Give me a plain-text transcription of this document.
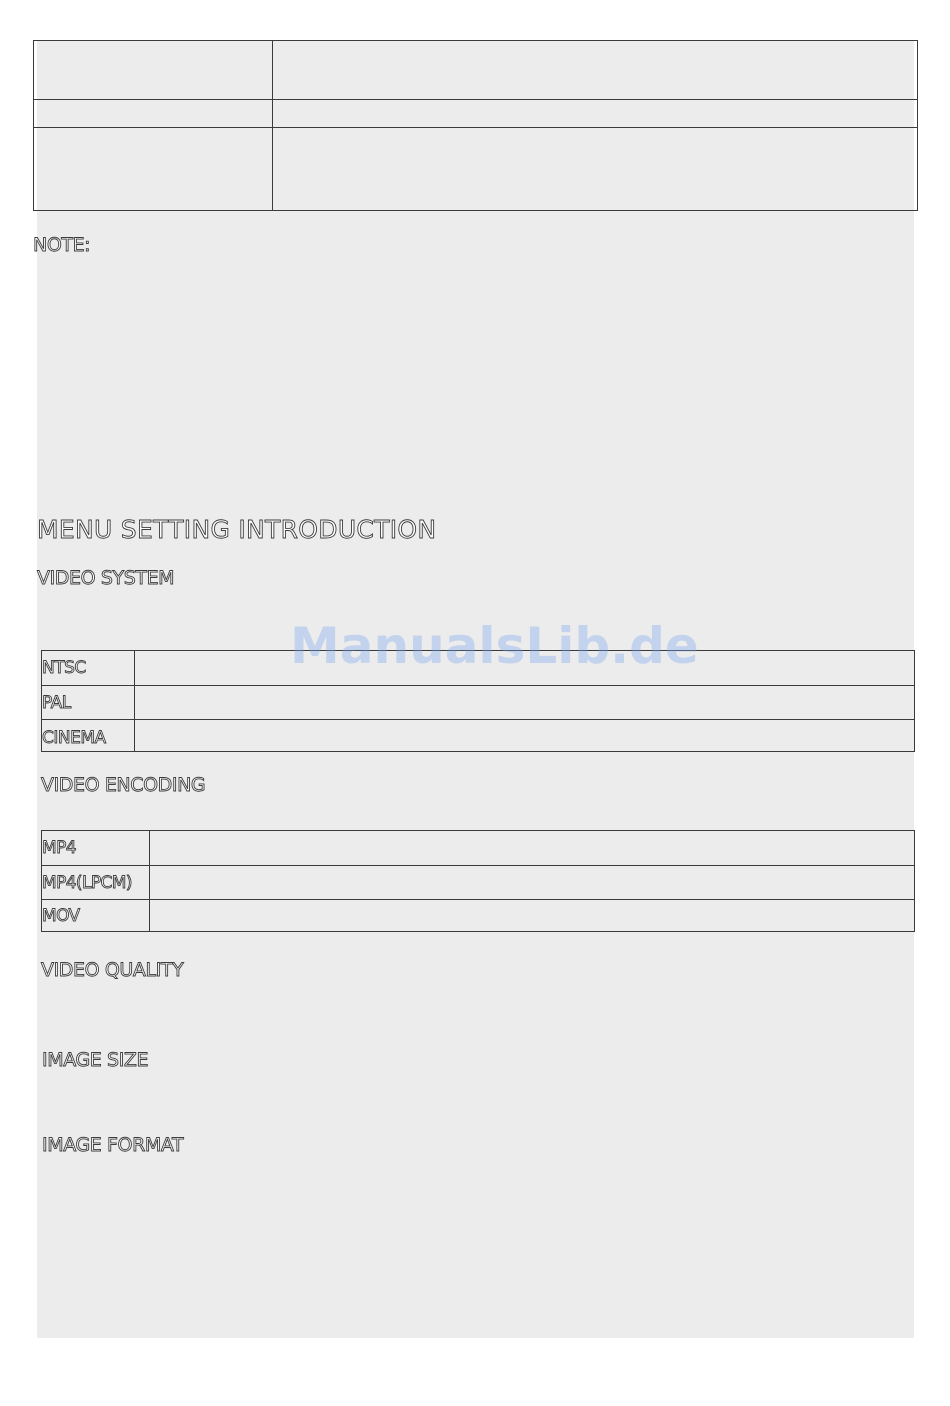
NOTE:
MENU SETTING INTRODUCTION
VIDEO SYSTEM
NTSC	
PAL	
CINEMA	
ManualsLib.de
VIDEO ENCODING
MP4	
MP4(LPCM)	
MOV	
VIDEO QUALITY
IMAGE SIZE
IMAGE FORMAT
